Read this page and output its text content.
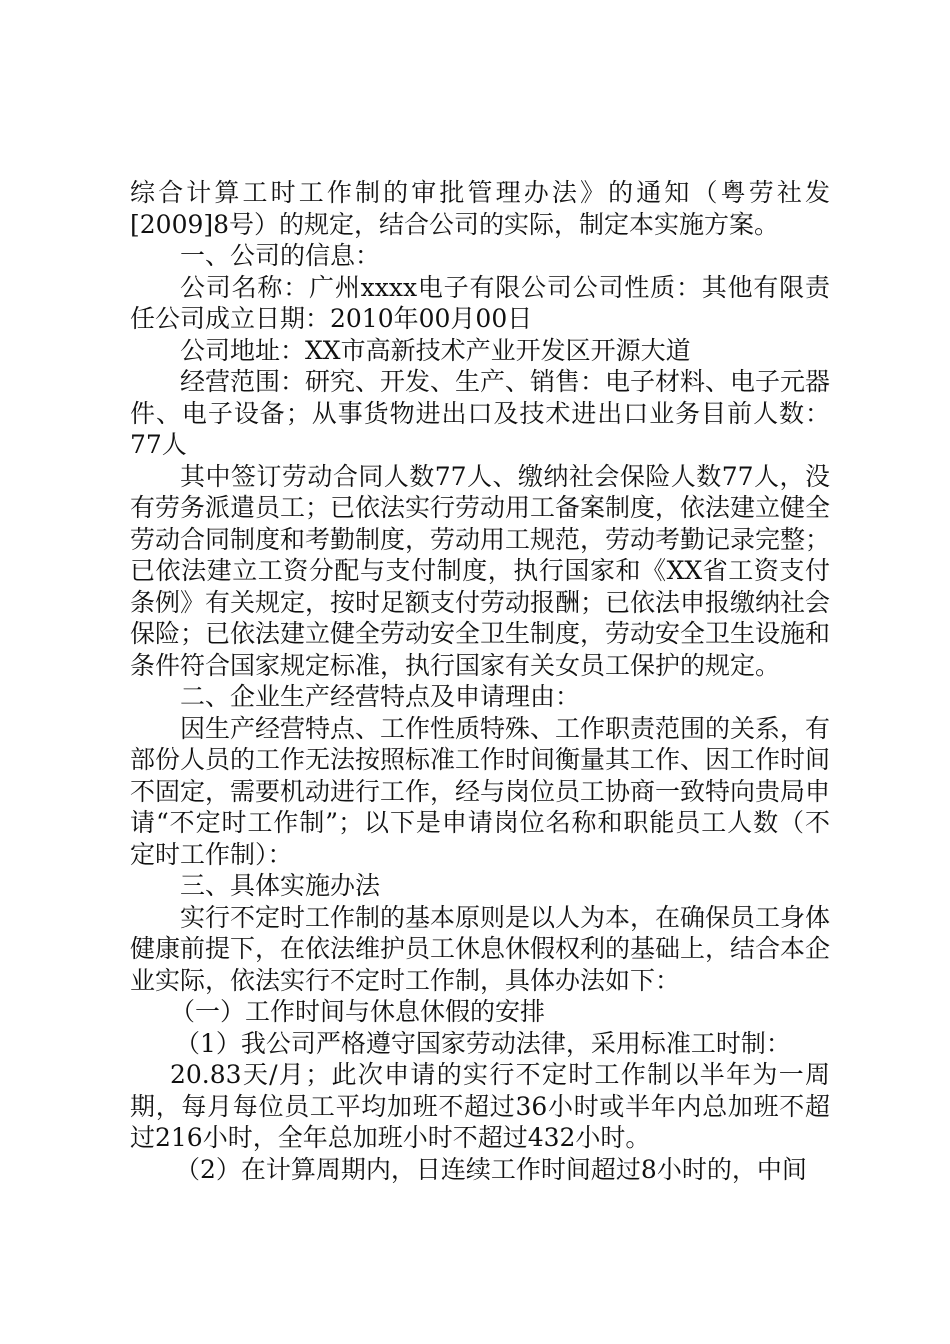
综合计算工时工作制的审批管理办法》的通知（粤劳社发[2009]8号）的规定，结合公司的实际，制定本实施方案。

一、公司的信息：

公司名称：广州xxxx电子有限公司公司性质：其他有限责任公司成立日期：2010年00月00日

公司地址：XX市高新技术产业开发区开源大道

经营范围：研究、开发、生产、销售：电子材料、电子元器件、电子设备；从事货物进出口及技术进出口业务目前人数：77人

其中签订劳动合同人数77人、缴纳社会保险人数77人，没有劳务派遣员工；已依法实行劳动用工备案制度，依法建立健全劳动合同制度和考勤制度，劳动用工规范，劳动考勤记录完整；已依法建立工资分配与支付制度，执行国家和《XX省工资支付条例》有关规定，按时足额支付劳动报酬；已依法申报缴纳社会保险；已依法建立健全劳动安全卫生制度，劳动安全卫生设施和条件符合国家规定标准，执行国家有关女员工保护的规定。

二、企业生产经营特点及申请理由：

因生产经营特点、工作性质特殊、工作职责范围的关系，有部份人员的工作无法按照标准工作时间衡量其工作、因工作时间不固定，需要机动进行工作，经与岗位员工协商一致特向贵局申请“不定时工作制”；以下是申请岗位名称和职能员工人数（不定时工作制）：

三、具体实施办法

实行不定时工作制的基本原则是以人为本，在确保员工身体健康前提下，在依法维护员工休息休假权利的基础上，结合本企业实际，依法实行不定时工作制，具体办法如下：

（一）工作时间与休息休假的安排

（1）我公司严格遵守国家劳动法律，采用标准工时制：

20.83天/月；此次申请的实行不定时工作制以半年为一周期，每月每位员工平均加班不超过36小时或半年内总加班不超过216小时，全年总加班小时不超过432小时。

（2）在计算周期内，日连续工作时间超过8小时的，中间
